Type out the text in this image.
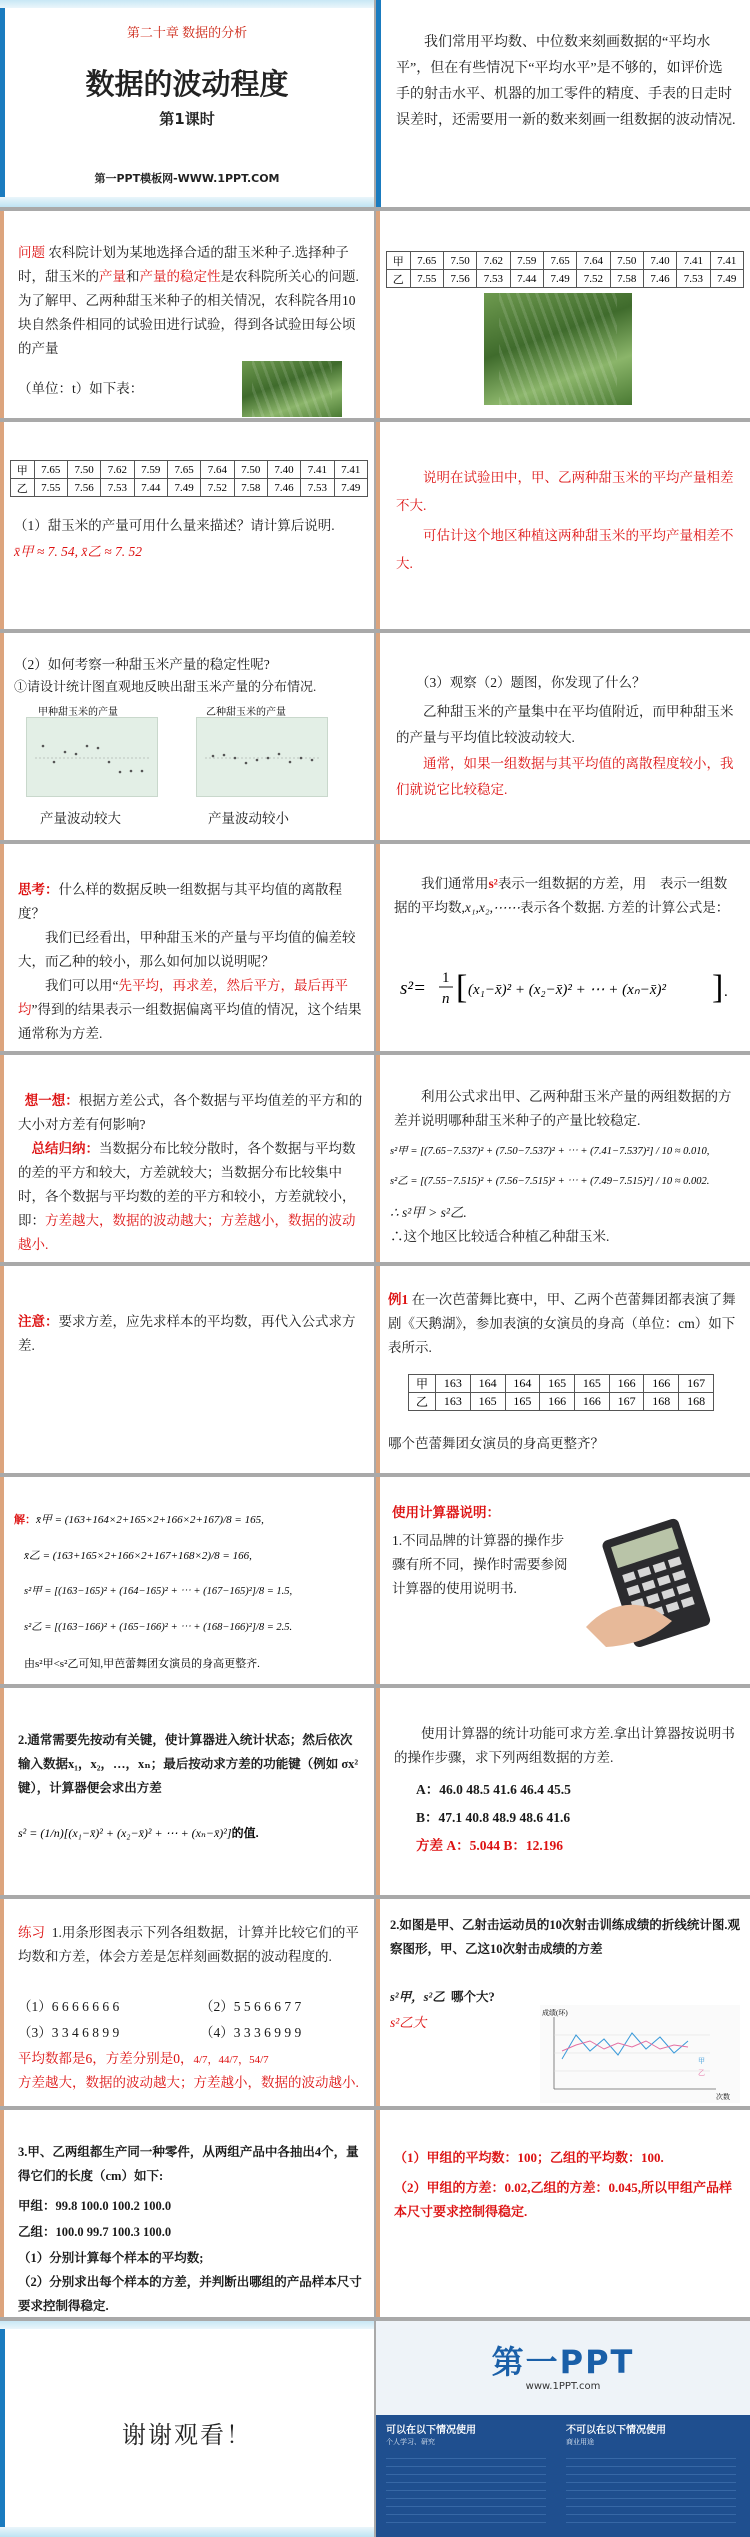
第二十章 数据的分析
数据的波动程度
第1课时
第一PPT模板网-WWW.1PPT.COM
我们常用平均数、中位数来刻画数据的“平均水平”，但在有些情况下“平均水平”是不够的，如评价选手的射击水平、机器的加工零件的精度、手表的日走时误差时，还需要用一新的数来刻画一组数据的波动情况.
问题 农科院计划为某地选择合适的甜玉米种子.选择种子时，甜玉米的产量和产量的稳定性是农科院所关心的问题. 为了解甲、乙两种甜玉米种子的相关情况，农科院各用10块自然条件相同的试验田进行试验，得到各试验田每公顷的产量
（单位：t）如下表：
甲	7.65	7.50	7.62	7.59	7.65	7.64	7.50	7.40	7.41	7.41
乙	7.55	7.56	7.53	7.44	7.49	7.52	7.58	7.46	7.53	7.49
甲	7.65	7.50	7.62	7.59	7.65	7.64	7.50	7.40	7.41	7.41
乙	7.55	7.56	7.53	7.44	7.49	7.52	7.58	7.46	7.53	7.49
（1）甜玉米的产量可用什么量来描述？请计算后说明.
x̄甲 ≈ 7. 54, x̄乙 ≈ 7. 52
说明在试验田中，甲、乙两种甜玉米的平均产量相差不大.
可估计这个地区种植这两种甜玉米的平均产量相差不大.
（2）如何考察一种甜玉米产量的稳定性呢?
①请设计统计图直观地反映出甜玉米产量的分布情况.
甲种甜玉米的产量	乙种甜玉米的产量
产量波动较大	产量波动较小
（3）观察（2）题图，你发现了什么？
乙种甜玉米的产量集中在平均值附近，而甲种甜玉米的产量与平均值比较波动较大.
通常，如果一组数据与其平均值的离散程度较小，我们就说它比较稳定.
思考：什么样的数据反映一组数据与其平均值的离散程度？
我们已经看出，甲种甜玉米的产量与平均值的偏差较大，而乙种的较小，那么如何加以说明呢？
我们可以用“先平均，再求差，然后平方，最后再平均”得到的结果表示一组数据偏离平均值的情况，这个结果通常称为方差.
我们通常用s²表示一组数据的方差，用 表示一组数据的平均数,x₁,x₂,⋯⋯表示各个数据. 方差的计算公式是：
s²= 1
n [ (x₁−x̄)² + (x₂−x̄)² + ⋯ + (xₙ−x̄)² ] .
想一想：根据方差公式，各个数据与平均值差的平方和的大小对方差有何影响?
总结归纳：当数据分布比较分散时，各个数据与平均数的差的平方和较大，方差就较大；当数据分布比较集中时，各个数据与平均数的差的平方和较小，方差就较小，即：方差越大，数据的波动越大；方差越小，数据的波动越小.
利用公式求出甲、乙两种甜玉米产量的两组数据的方差并说明哪种甜玉米种子的产量比较稳定.
s²甲 = [(7.65−7.537)² + (7.50−7.537)² + ⋯ + (7.41−7.537)²] / 10 ≈ 0.010,
s²乙 = [(7.55−7.515)² + (7.56−7.515)² + ⋯ + (7.49−7.515)²] / 10 ≈ 0.002.
∴ s²甲 > s²乙.
∴这个地区比较适合种植乙种甜玉米.
注意：要求方差，应先求样本的平均数，再代入公式求方差.
例1 在一次芭蕾舞比赛中，甲、乙两个芭蕾舞团都表演了舞剧《天鹅湖》，参加表演的女演员的身高（单位：cm）如下表所示.
甲	163	164	164	165	165	166	166	167
乙	163	165	165	166	166	167	168	168
哪个芭蕾舞团女演员的身高更整齐？
解：x̄甲 = (163+164×2+165×2+166×2+167)/8 = 165,
x̄乙 = (163+165×2+166×2+167+168×2)/8 = 166,
s²甲 = [(163−165)² + (164−165)² + ⋯ + (167−165)²]/8 = 1.5,
s²乙 = [(163−166)² + (165−166)² + ⋯ + (168−166)²]/8 = 2.5.
由s²甲<s²乙可知,甲芭蕾舞团女演员的身高更整齐.
使用计算器说明：
1.不同品牌的计算器的操作步骤有所不同，操作时需要参阅计算器的使用说明书.
2.通常需要先按动有关键，使计算器进入统计状态；然后依次输入数据x₁，x₂，…，xₙ；最后按动求方差的功能键（例如 σx² 键），计算器便会求出方差
s² = (1/n)[(x₁−x̄)² + (x₂−x̄)² + ⋯ + (xₙ−x̄)²]的值.
使用计算器的统计功能可求方差.拿出计算器按说明书的操作步骤，求下列两组数据的方差.
A：46.0 48.5 41.6 46.4 45.5
B：47.1 40.8 48.9 48.6 41.6
方差 A：5.044 B：12.196
练习 1.用条形图表示下列各组数据，计算并比较它们的平均数和方差，体会方差是怎样刻画数据的波动程度的.
（1）6 6 6 6 6 6 6	（2）5 5 6 6 6 7 7
（3）3 3 4 6 8 9 9	（4）3 3 3 6 9 9 9
平均数都是6，方差分别是0，4/7，44/7，54/7
方差越大，数据的波动越大；方差越小，数据的波动越小.
2.如图是甲、乙射击运动员的10次射击训练成绩的折线统计图.观察图形，甲、乙这10次射击成绩的方差
s²甲，s²乙 哪个大?
s²乙大
成绩(环)
次数
甲
乙
3.甲、乙两组都生产同一种零件，从两组产品中各抽出4个，量得它们的长度（cm）如下:
甲组：99.8 100.0 100.2 100.0
乙组：100.0 99.7 100.3 100.0
（1）分别计算每个样本的平均数;
（2）分别求出每个样本的方差，并判断出哪组的产品样本尺寸要求控制得稳定.
（1）甲组的平均数：100；乙组的平均数：100.
（2）甲组的方差：0.02,乙组的方差：0.045,所以甲组产品样本尺寸要求控制得稳定.
谢谢观看！
第一PPT
www.1PPT.com
可以在以下情况使用	不可以在以下情况使用
个人学习、研究	商业用途
